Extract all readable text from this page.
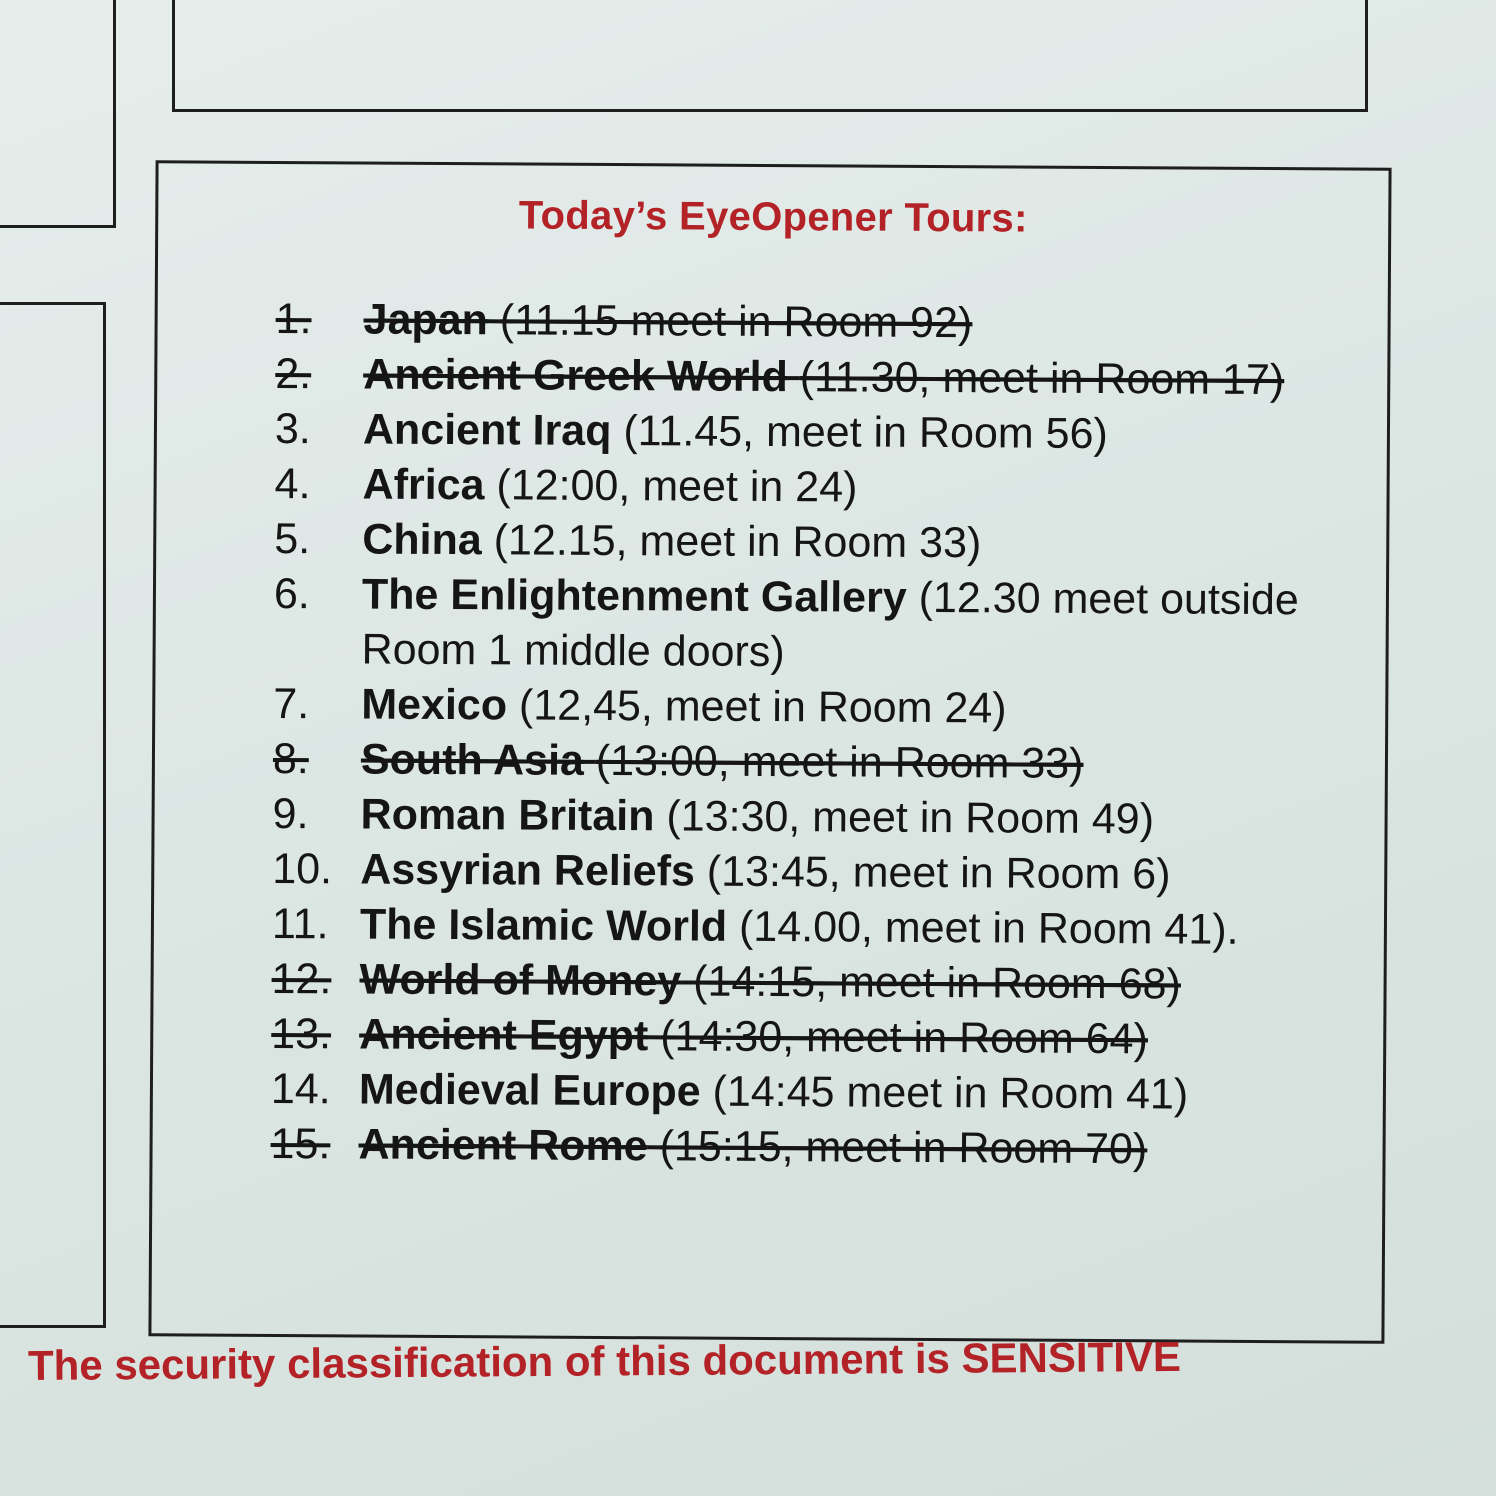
Today’s EyeOpener Tours:
1.	Japan (11.15 meet in Room 92)
2.	Ancient Greek World (11.30, meet in Room 17)
3.	Ancient Iraq (11.45, meet in Room 56)
4.	Africa (12:00, meet in 24)
5.	China (12.15, meet in Room 33)
6.	The Enlightenment Gallery (12.30 meet outside Room 1 middle doors)
7.	Mexico (12,45, meet in Room 24)
8.	South Asia (13:00, meet in Room 33)
9.	Roman Britain (13:30, meet in Room 49)
10. Assyrian Reliefs (13:45, meet in Room 6)
11. The Islamic World (14.00, meet in Room 41).
12. World of Money (14:15, meet in Room 68)
13. Ancient Egypt (14:30, meet in Room 64)
14. Medieval Europe (14:45 meet in Room 41)
15. Ancient Rome (15:15, meet in Room 70)
The security classification of this document is SENSITIVE
